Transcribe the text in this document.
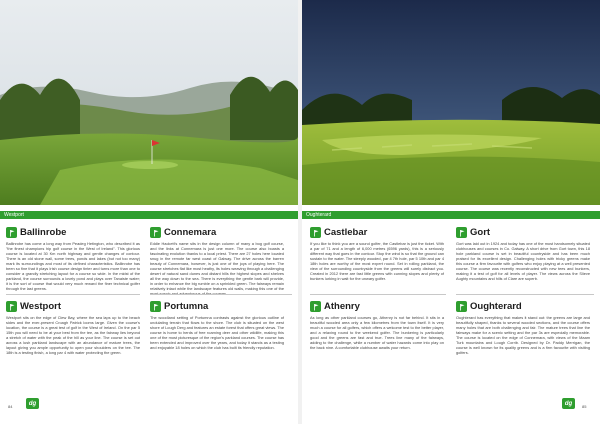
Westport	Oughterard
Ballinrobe

Ballinrobe has come a long way from Peadeg Hetington, who described it as "the finest champions hip golf course in the West of Ireland". This glorious course is located at 30 Km north highway and gentle changes of contour. There is an old stone wall, some trees, ponds and lakes (but not too many) mark its surroundings and most of its defined characteristics. Ballinrobe has been so fine that it plays Irish course design tinter and turns more than one to consider a grandly stretching layout for a course so wide. In the midst of the parkland, the course surrounds a lovely pond and plays over Tanaiste water; it is the sort of course that would very much reward the finer technical golfer through the last greens.

Connemara

Eddie Hackett's name sits in the design column of many a bog golf course, and the links at Connemara is just one more. The course also boasts a fascinating evolution thanks to a local priest. There are 27 holes here located snug in the remote far west coast of Galway. The drive across the barren beauty of Connemara, however, is just one of the joys of playing here. The course stretches flat like most heathy, its holes weaving through a challenging desert of natural sand dunes and distant hills the highest slopes and shelves all the way down to the sea. There is everything the gentle bark will provide, in order to enhance the big rumble on a sprinkled green. The fairways remain relatively intact while the landscape features old walls, making this one of the

Castlebar

If you like to think you are a sound golfer, the Castlebar is just the ticket. With a par of 71 and a length of 6,000 metres (6596 yards), this is a seriously different way that goes in the contour. Stop the wind is so that the ground can sustain to the water. The steeply wooded, par 4 7th hole, par 5 10th and par 4 18th holes are worthy of the most expert round. Set in rolling parkland, the view of the surrounding countryside from the greens will surely distract you. Created in 2012 there are fast little greens with cunning slopes and plenty of bunkers lurking in wait for the unwary golfer.

Gort

Gort was laid out in 1924 and today has one of the most handsomely situated clubhouses and courses in Co. Galway. A short drive from Gort town, this 18 hole parkland course is set in beautiful countryside and has been much praised for its excellent design. Challenging holes with tricky greens make this course a firm favourite with golfers who enjoy playing at a well presented course. The course was recently reconstructed with new tees and bunkers, making it a test of golf for all levels of player. The views across the Slieve Aughty mountains and hills of Clare are superb.

Westport

Westport sits on the edge of Clew Bay, where the sea laps up to the beach sides and the ever-present Croagh Patrick looms large. Given the course's location, the course is a great test of golf in the West of Ireland. On the par 5 15th you will need to be at your best from the tee, as the fairway lies beyond a stretch of water with the peak of the hill as your line. The course is set out across a lush parkland landscape with an abundance of mature trees, the layout giving you ample opportunity to open your shoulders on the tee. The 18th is a testing finish, a long par 4 with water protecting the green.

Portumna

The woodland setting of Portumna contrasts against the glorious outline of undulating terrain that flows to the shore. The club is situated on the west shore of Lough Derg and features an estate forest that offers great views. The course is home to herds of free roaming deer and other wildlife, making this one of the most picturesque of the region's parkland courses. The course has been extended and improved over the years, and today it stands as a testing and enjoyable 18 holes on which the club has built its friendly reputation.

Athenry

As long as other parkland courses go, Athenry is not far behind. It sits in a beautiful wooded area only a few kilometres from the town itself. It is very much a course for all golfers, which offers a welcome test to the better player, and a relaxing round to the weekend golfer. The bunkering is particularly good and the greens are fast and true. Trees line many of the fairways, adding to the challenge, while a number of water hazards come into play on the back nine. A comfortable clubhouse awaits your return.

Oughterard

Oughterard has everything that makes it stand out: the greens are large and beautifully shaped, thanks to several wooded sections, and the course offers many holes that are both challenging and fair. The mature trees that line the fairways make for a scenic setting and the par 3s are especially memorable. The course is located on the edge of Connemara, with views of the Maam Turk mountains and Lough Corrib. Designed by Dr. Paddy Merrigan, the course is well known for its quality greens and is a firm favourite with visiting golfers.

84	dg	dg 85
